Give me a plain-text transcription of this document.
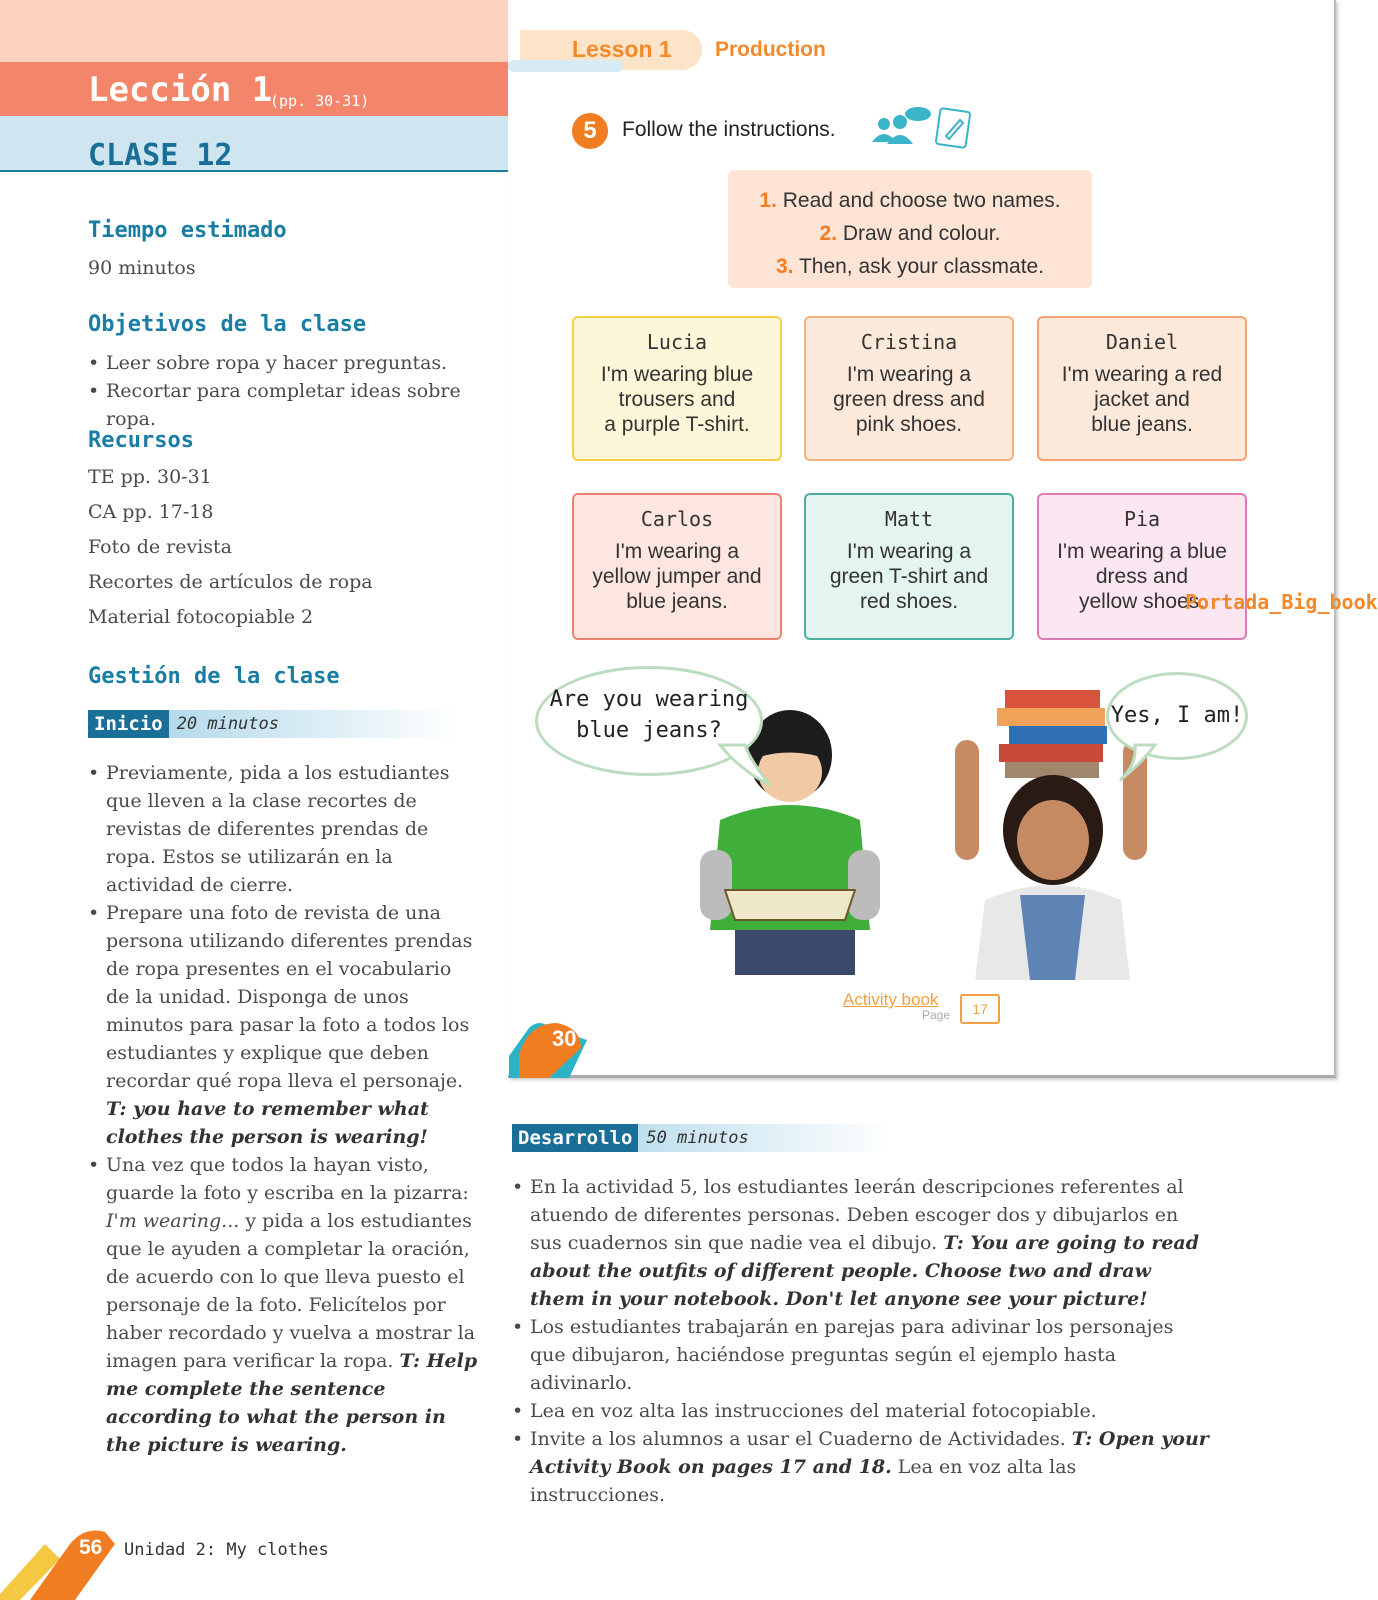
Lección 1
(pp. 30-31)
CLASE 12
Tiempo estimado
90 minutos
Objetivos de la clase
• Leer sobre ropa y hacer preguntas.
• Recortar para completar ideas sobre ropa.
Recursos
TE pp. 30-31
CA pp. 17-18
Foto de revista
Recortes de artículos de ropa
Material fotocopiable 2
Gestión de la clase
Inicio 20 minutos
• Previamente, pida a los estudiantes que lleven a la clase recortes de revistas de diferentes prendas de ropa. Estos se utilizarán en la actividad de cierre.
• Prepare una foto de revista de una persona utilizando diferentes prendas de ropa presentes en el vocabulario de la unidad. Disponga de unos minutos para pasar la foto a todos los estudiantes y explique que deben recordar qué ropa lleva el personaje. T: you have to remember what clothes the person is wearing!
• Una vez que todos la hayan visto, guarde la foto y escriba en la pizarra: I'm wearing... y pida a los estudiantes que le ayuden a completar la oración, de acuerdo con lo que lleva puesto el personaje de la foto. Felicítelos por haber recordado y vuelva a mostrar la imagen para verificar la ropa. T: Help me complete the sentence according to what the person in the picture is wearing.
Lesson 1 Production
5	Follow the instructions.
1. Read and choose two names.
2. Draw and colour.
3. Then, ask your classmate.
Lucia
I'm wearing blue
trousers and
a purple T-shirt.
Cristina
I'm wearing a
green dress and
pink shoes.
Daniel
I'm wearing a red
jacket and
blue jeans.
Carlos
I'm wearing a
yellow jumper and
blue jeans.
Matt
I'm wearing a
green T-shirt and
red shoes.
Pia
I'm wearing a blue
dress and
yellow shoes.
Are you wearing
blue jeans?
Yes, I am!
Activity book
Page	17
30
Portada_Big_book
Desarrollo 50 minutos
• En la actividad 5, los estudiantes leerán descripciones referentes al atuendo de diferentes personas. Deben escoger dos y dibujarlos en sus cuadernos sin que nadie vea el dibujo. T: You are going to read about the outfits of different people. Choose two and draw them in your notebook. Don't let anyone see your picture!
• Los estudiantes trabajarán en parejas para adivinar los personajes que dibujaron, haciéndose preguntas según el ejemplo hasta adivinarlo.
• Lea en voz alta las instrucciones del material fotocopiable.
• Invite a los alumnos a usar el Cuaderno de Actividades. T: Open your Activity Book on pages 17 and 18. Lea en voz alta las instrucciones.
56 Unidad 2: My clothes
